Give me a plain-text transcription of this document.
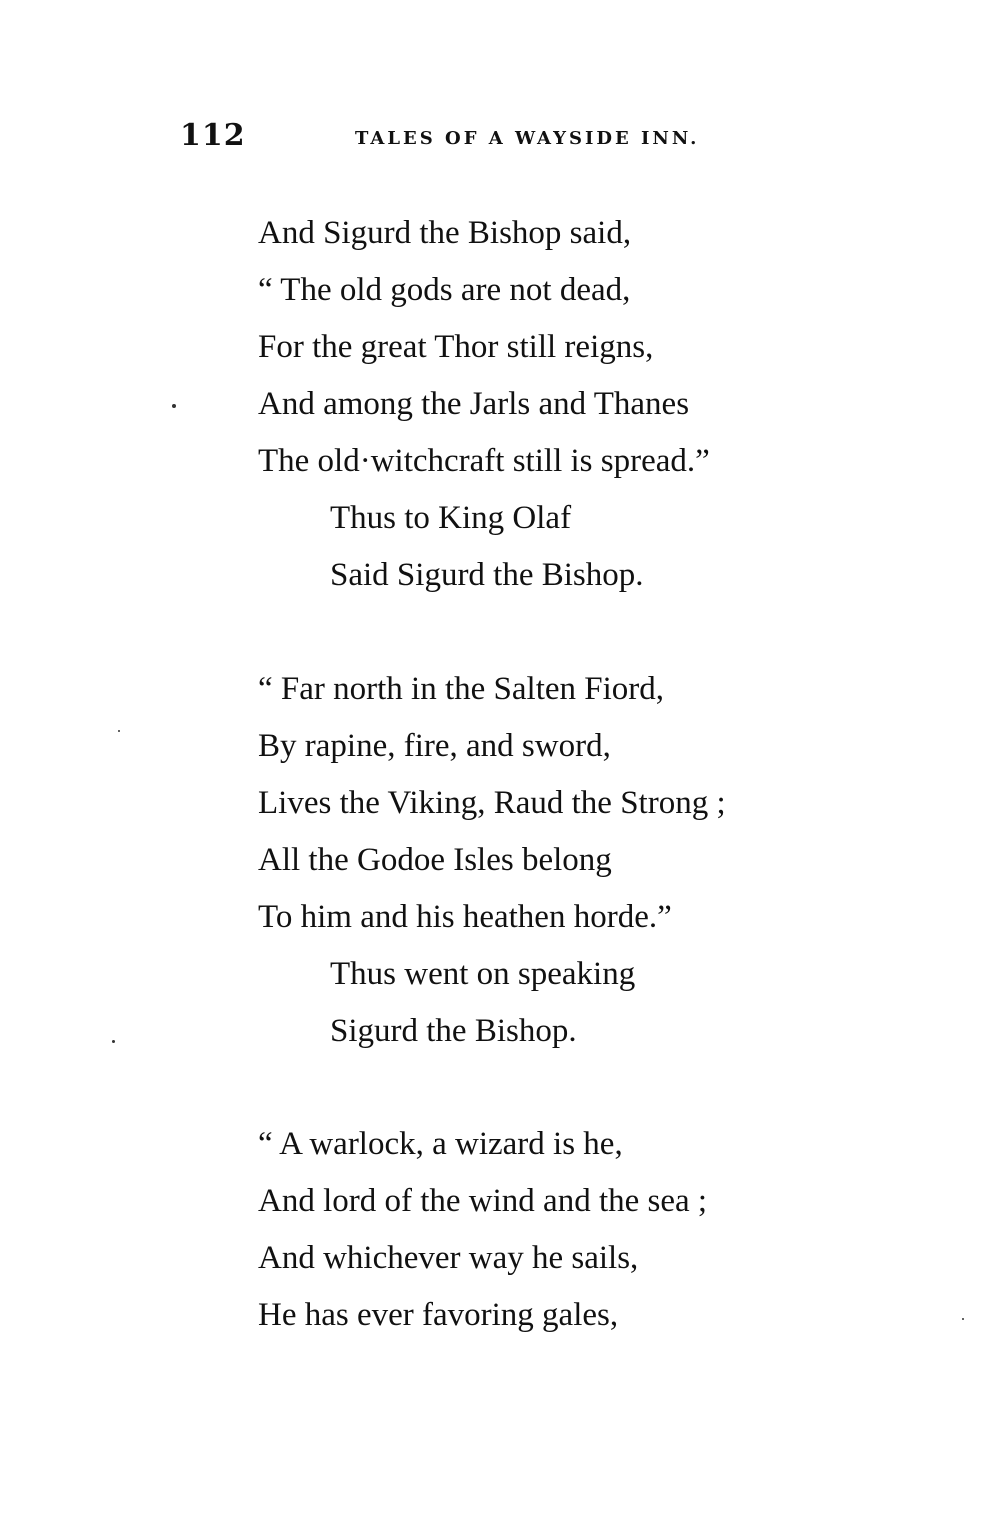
112	TALES OF A WAYSIDE INN.
And Sigurd the Bishop said,
“ The old gods are not dead,
For the great Thor still reigns,
And among the Jarls and Thanes
The old·witchcraft still is spread.”
Thus to King Olaf
Said Sigurd the Bishop.
“ Far north in the Salten Fiord,
By rapine, fire, and sword,
Lives the Viking, Raud the Strong ;
All the Godoe Isles belong
To him and his heathen horde.”
Thus went on speaking
Sigurd the Bishop.
“ A warlock, a wizard is he,
And lord of the wind and the sea ;
And whichever way he sails,
He has ever favoring gales,
